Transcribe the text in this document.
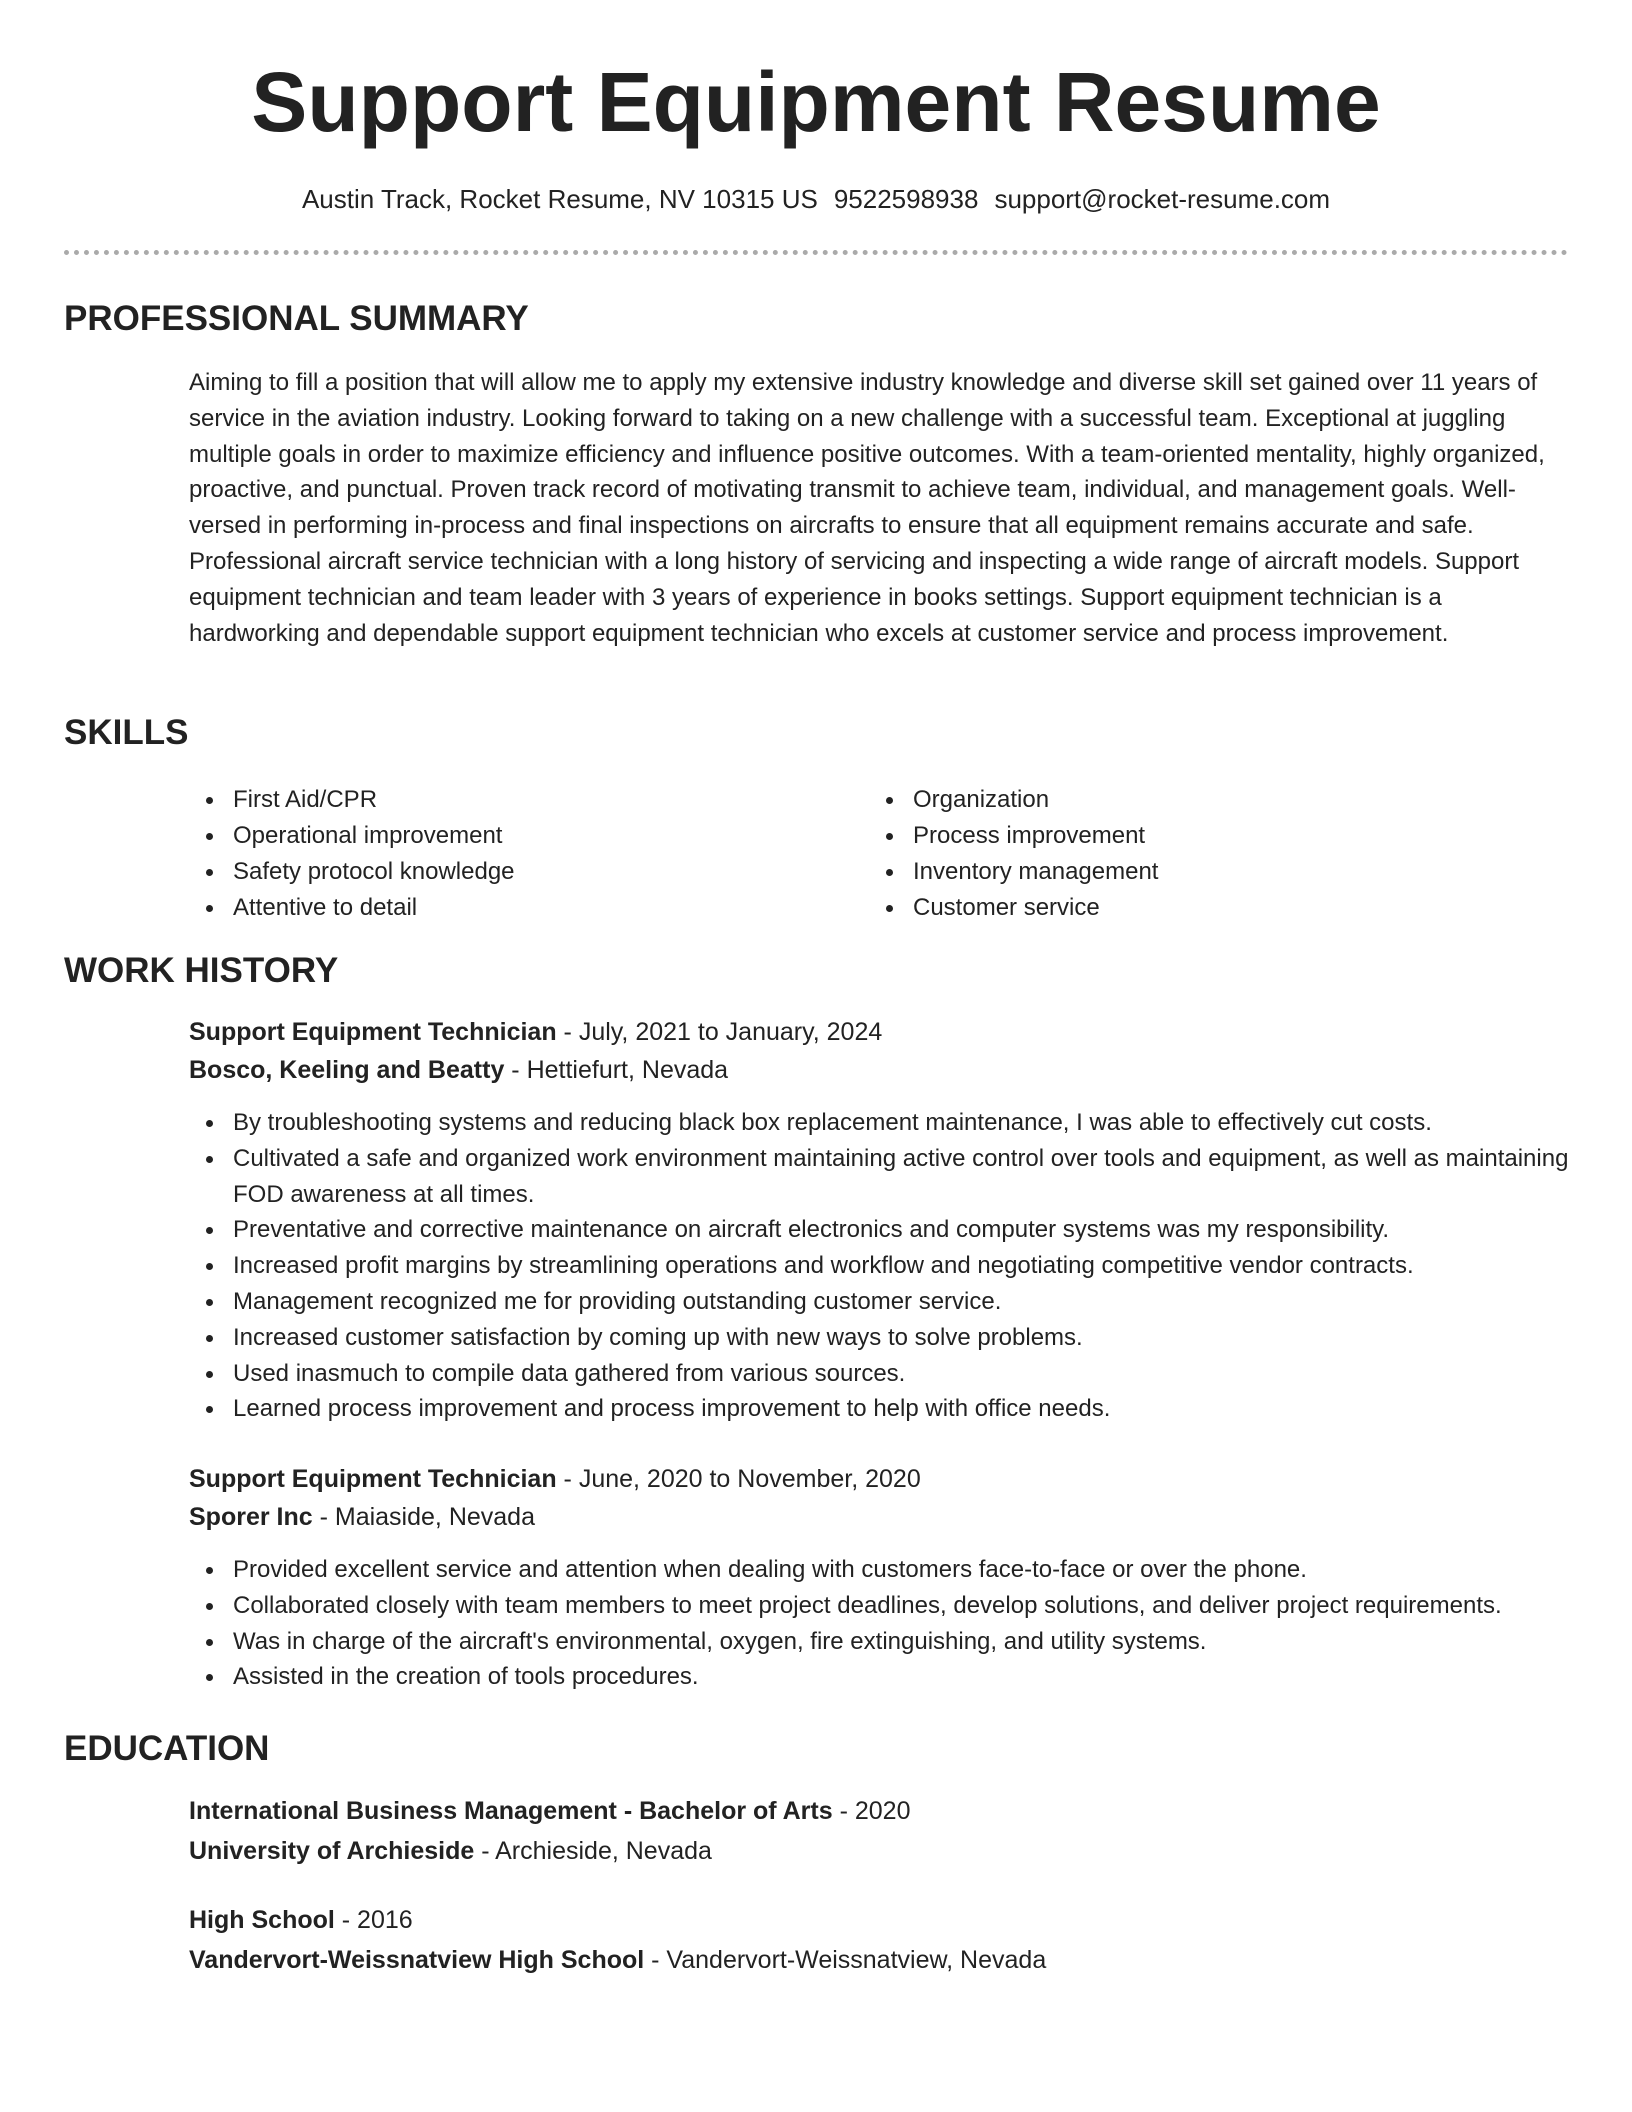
Support Equipment Resume
Austin Track, Rocket Resume, NV 10315 US 9522598938 support@rocket-resume.com
PROFESSIONAL SUMMARY

Aiming to fill a position that will allow me to apply my extensive industry knowledge and diverse skill set gained over 11 years of service in the aviation industry. Looking forward to taking on a new challenge with a successful team. Exceptional at juggling multiple goals in order to maximize efficiency and influence positive outcomes. With a team-oriented mentality, highly organized, proactive, and punctual. Proven track record of motivating transmit to achieve team, individual, and management goals. Well-versed in performing in-process and final inspections on aircrafts to ensure that all equipment remains accurate and safe. Professional aircraft service technician with a long history of servicing and inspecting a wide range of aircraft models. Support equipment technician and team leader with 3 years of experience in books settings. Support equipment technician is a hardworking and dependable support equipment technician who excels at customer service and process improvement.

SKILLS
First Aid/CPR
Operational improvement
Safety protocol knowledge
Attentive to detail
Organization
Process improvement
Inventory management
Customer service
WORK HISTORY
Support Equipment Technician - July, 2021 to January, 2024
Bosco, Keeling and Beatty - Hettiefurt, Nevada
By troubleshooting systems and reducing black box replacement maintenance, I was able to effectively cut costs.
Cultivated a safe and organized work environment maintaining active control over tools and equipment, as well as maintaining FOD awareness at all times.
Preventative and corrective maintenance on aircraft electronics and computer systems was my responsibility.
Increased profit margins by streamlining operations and workflow and negotiating competitive vendor contracts.
Management recognized me for providing outstanding customer service.
Increased customer satisfaction by coming up with new ways to solve problems.
Used inasmuch to compile data gathered from various sources.
Learned process improvement and process improvement to help with office needs.
Support Equipment Technician - June, 2020 to November, 2020
Sporer Inc - Maiaside, Nevada
Provided excellent service and attention when dealing with customers face-to-face or over the phone.
Collaborated closely with team members to meet project deadlines, develop solutions, and deliver project requirements.
Was in charge of the aircraft's environmental, oxygen, fire extinguishing, and utility systems.
Assisted in the creation of tools procedures.
EDUCATION
International Business Management - Bachelor of Arts - 2020
University of Archieside - Archieside, Nevada
High School - 2016
Vandervort-Weissnatview High School - Vandervort-Weissnatview, Nevada
